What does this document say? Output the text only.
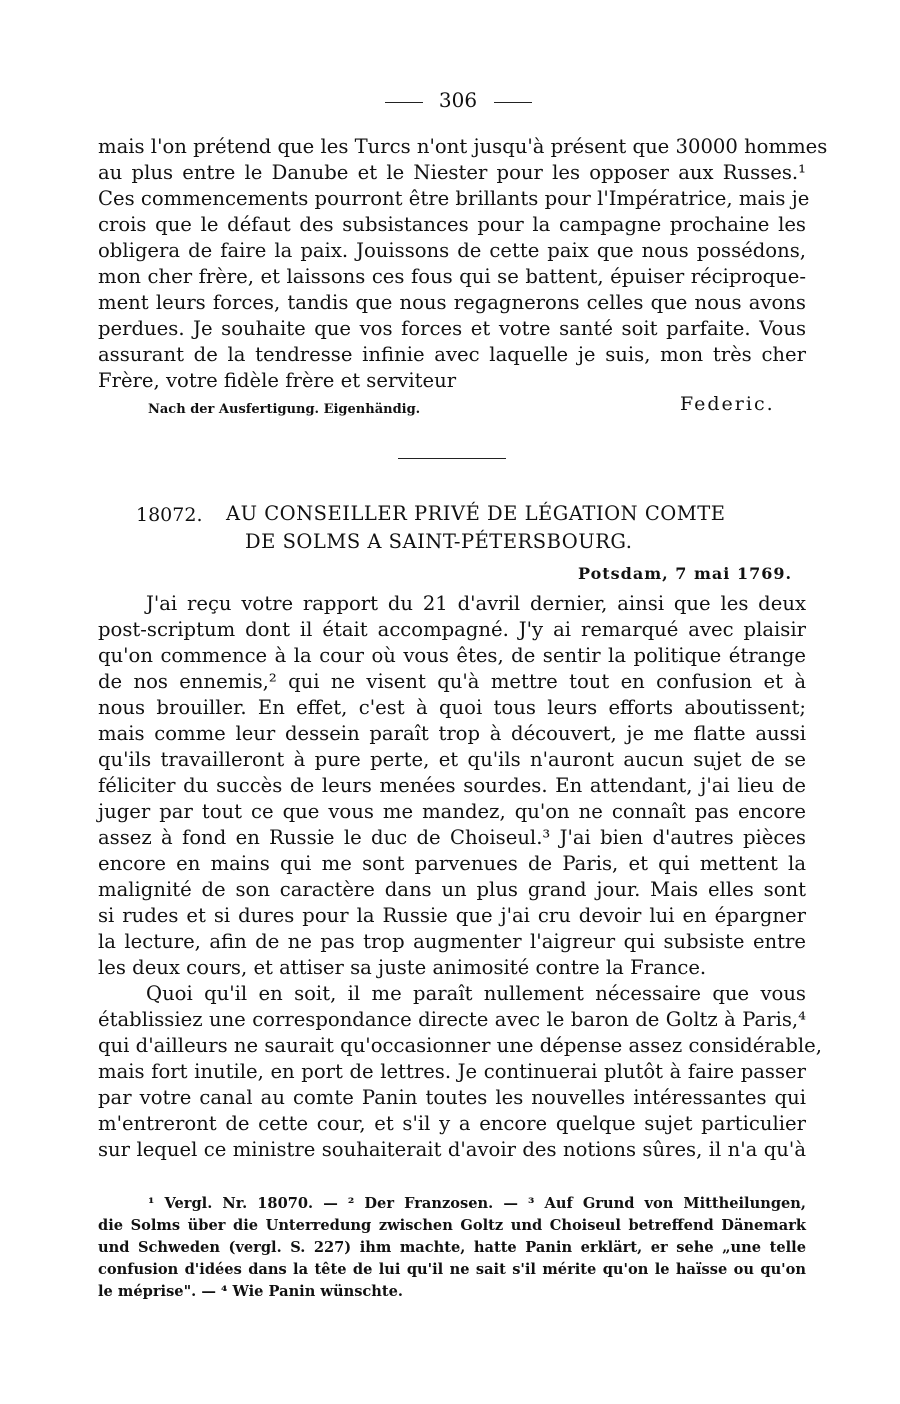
306
mais l'on prétend que les Turcs n'ont jusqu'à présent que 30000 hommes
au plus entre le Danube et le Niester pour les opposer aux Russes.¹
Ces commencements pourront être brillants pour l'Impératrice, mais je
crois que le défaut des subsistances pour la campagne prochaine les
obligera de faire la paix. Jouissons de cette paix que nous possédons,
mon cher frère, et laissons ces fous qui se battent, épuiser réciproque-
ment leurs forces, tandis que nous regagnerons celles que nous avons
perdues. Je souhaite que vos forces et votre santé soit parfaite. Vous
assurant de la tendresse infinie avec laquelle je suis, mon très cher
Frère, votre fidèle frère et serviteur
Nach der Ausfertigung. Eigenhändig.	Federic.
18072. AU CONSEILLER PRIVÉ DE LÉGATION COMTE
DE SOLMS A SAINT-PÉTERSBOURG.
Potsdam, 7 mai 1769.
J'ai reçu votre rapport du 21 d'avril dernier, ainsi que les deux
post-scriptum dont il était accompagné. J'y ai remarqué avec plaisir
qu'on commence à la cour où vous êtes, de sentir la politique étrange
de nos ennemis,² qui ne visent qu'à mettre tout en confusion et à
nous brouiller. En effet, c'est à quoi tous leurs efforts aboutissent;
mais comme leur dessein paraît trop à découvert, je me flatte aussi
qu'ils travailleront à pure perte, et qu'ils n'auront aucun sujet de se
féliciter du succès de leurs menées sourdes. En attendant, j'ai lieu de
juger par tout ce que vous me mandez, qu'on ne connaît pas encore
assez à fond en Russie le duc de Choiseul.³ J'ai bien d'autres pièces
encore en mains qui me sont parvenues de Paris, et qui mettent la
malignité de son caractère dans un plus grand jour. Mais elles sont
si rudes et si dures pour la Russie que j'ai cru devoir lui en épargner
la lecture, afin de ne pas trop augmenter l'aigreur qui subsiste entre
les deux cours, et attiser sa juste animosité contre la France.
Quoi qu'il en soit, il me paraît nullement nécessaire que vous
établissiez une correspondance directe avec le baron de Goltz à Paris,⁴
qui d'ailleurs ne saurait qu'occasionner une dépense assez considérable,
mais fort inutile, en port de lettres. Je continuerai plutôt à faire passer
par votre canal au comte Panin toutes les nouvelles intéressantes qui
m'entreront de cette cour, et s'il y a encore quelque sujet particulier
sur lequel ce ministre souhaiterait d'avoir des notions sûres, il n'a qu'à
¹ Vergl. Nr. 18070. — ² Der Franzosen. — ³ Auf Grund von Mittheilungen,
die Solms über die Unterredung zwischen Goltz und Choiseul betreffend Dänemark
und Schweden (vergl. S. 227) ihm machte, hatte Panin erklärt, er sehe „une telle
confusion d'idées dans la tête de lui qu'il ne sait s'il mérite qu'on le haïsse ou qu'on
le méprise". — ⁴ Wie Panin wünschte.
